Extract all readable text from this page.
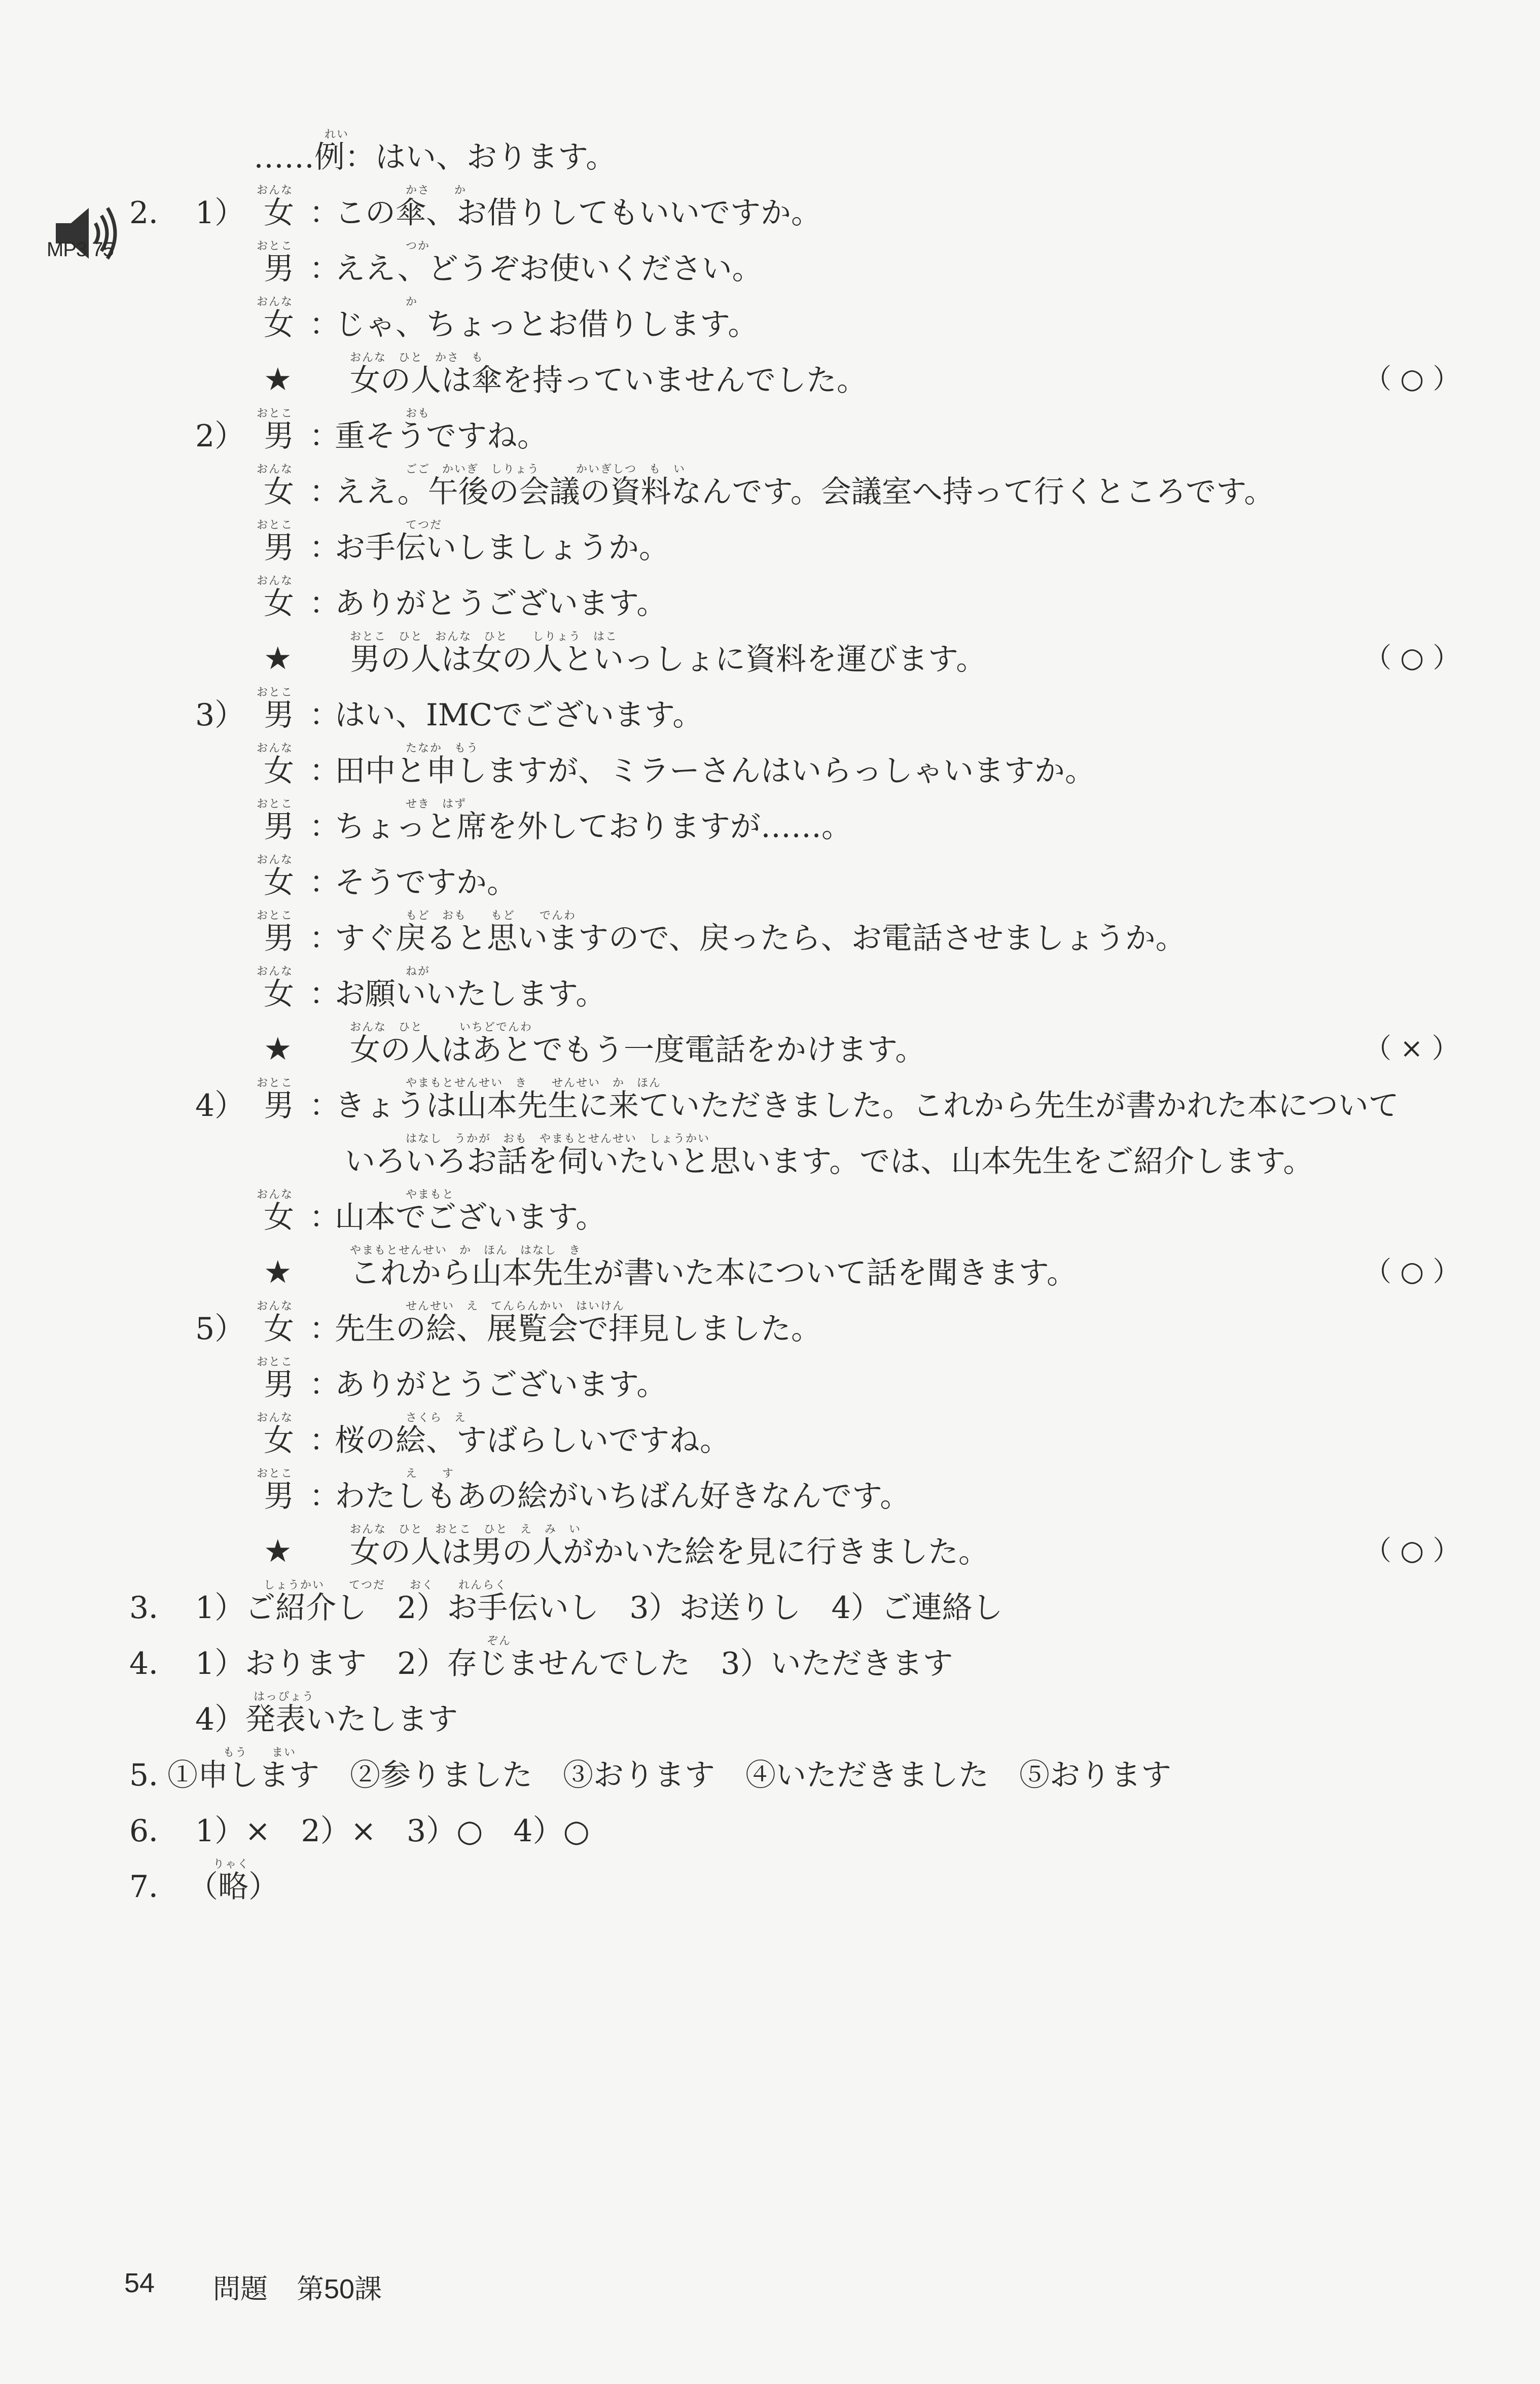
MP3 75
れい
……例：はい、おります。
2． 1）
おんな
女 ：
かさ　　か
この傘、お借りしてもいいですか。
おとこ
男 ：
つか
ええ、どうぞお使いください。
おんな
女 ：
か
じゃ、ちょっとお借りします。
★
おんな　ひと　かさ　も
女の人は傘を持っていませんでした。	（ ○ ）
2）
おとこ
男 ：
おも
重そうですね。
おんな
女 ：
ごご　かいぎ　しりょう　　　かいぎしつ　も　い
ええ。午後の会議の資料なんです。会議室へ持って行くところです。
おとこ
男 ：
てつだ
お手伝いしましょうか。
おんな
女 ：
ありがとうございます。
★
おとこ　ひと　おんな　ひと　　しりょう　はこ
男の人は女の人といっしょに資料を運びます。	（ ○ ）
3）
おとこ
男 ：
はい、IMCでございます。
おんな
女 ：
たなか　もう
田中と申しますが、ミラーさんはいらっしゃいますか。
おとこ
男 ：
せき　はず
ちょっと席を外しておりますが……。
おんな
女 ：
そうですか。
おとこ
男 ：
もど　おも　　もど　　でんわ
すぐ戻ると思いますので、戻ったら、お電話させましょうか。
おんな
女 ：
ねが
お願いいたします。
★
おんな　ひと　　　いちどでんわ
女の人はあとでもう一度電話をかけます。	（ × ）
4）
おとこ
男 ：
やまもとせんせい　き　　せんせい　か　ほん
きょうは山本先生に来ていただきました。これから先生が書かれた本について
はなし　うかが　おも　やまもとせんせい　しょうかい
いろいろお話を伺いたいと思います。では、山本先生をご紹介します。
おんな
女 ：
やまもと
山本でございます。
★
やまもとせんせい　か　ほん　はなし　き
これから山本先生が書いた本について話を聞きます。	（ ○ ）
5）
おんな
女 ：
せんせい　え　てんらんかい　はいけん
先生の絵、展覧会で拝見しました。
おとこ
男 ：
ありがとうございます。
おんな
女 ：
さくら　え
桜の絵、すばらしいですね。
おとこ
男 ：
え　　す
わたしもあの絵がいちばん好きなんです。
★
おんな　ひと　おとこ　ひと　え　み　い
女の人は男の人がかいた絵を見に行きました。	（ ○ ）
3．
しょうかい　　てつだ　　おく　　れんらく
1）ご紹介し　2）お手伝いし　3）お送りし　4）ご連絡し
4．
ぞん
1）おります　2）存じませんでした　3）いただきます
はっぴょう
4）発表いたします
5．
もう　　まい
①申します　②参りました　③おります　④いただきました　⑤おります
6． 1）×　2）×　3）○　4）○
7．
りゃく
（略）
54 問題 第50課
